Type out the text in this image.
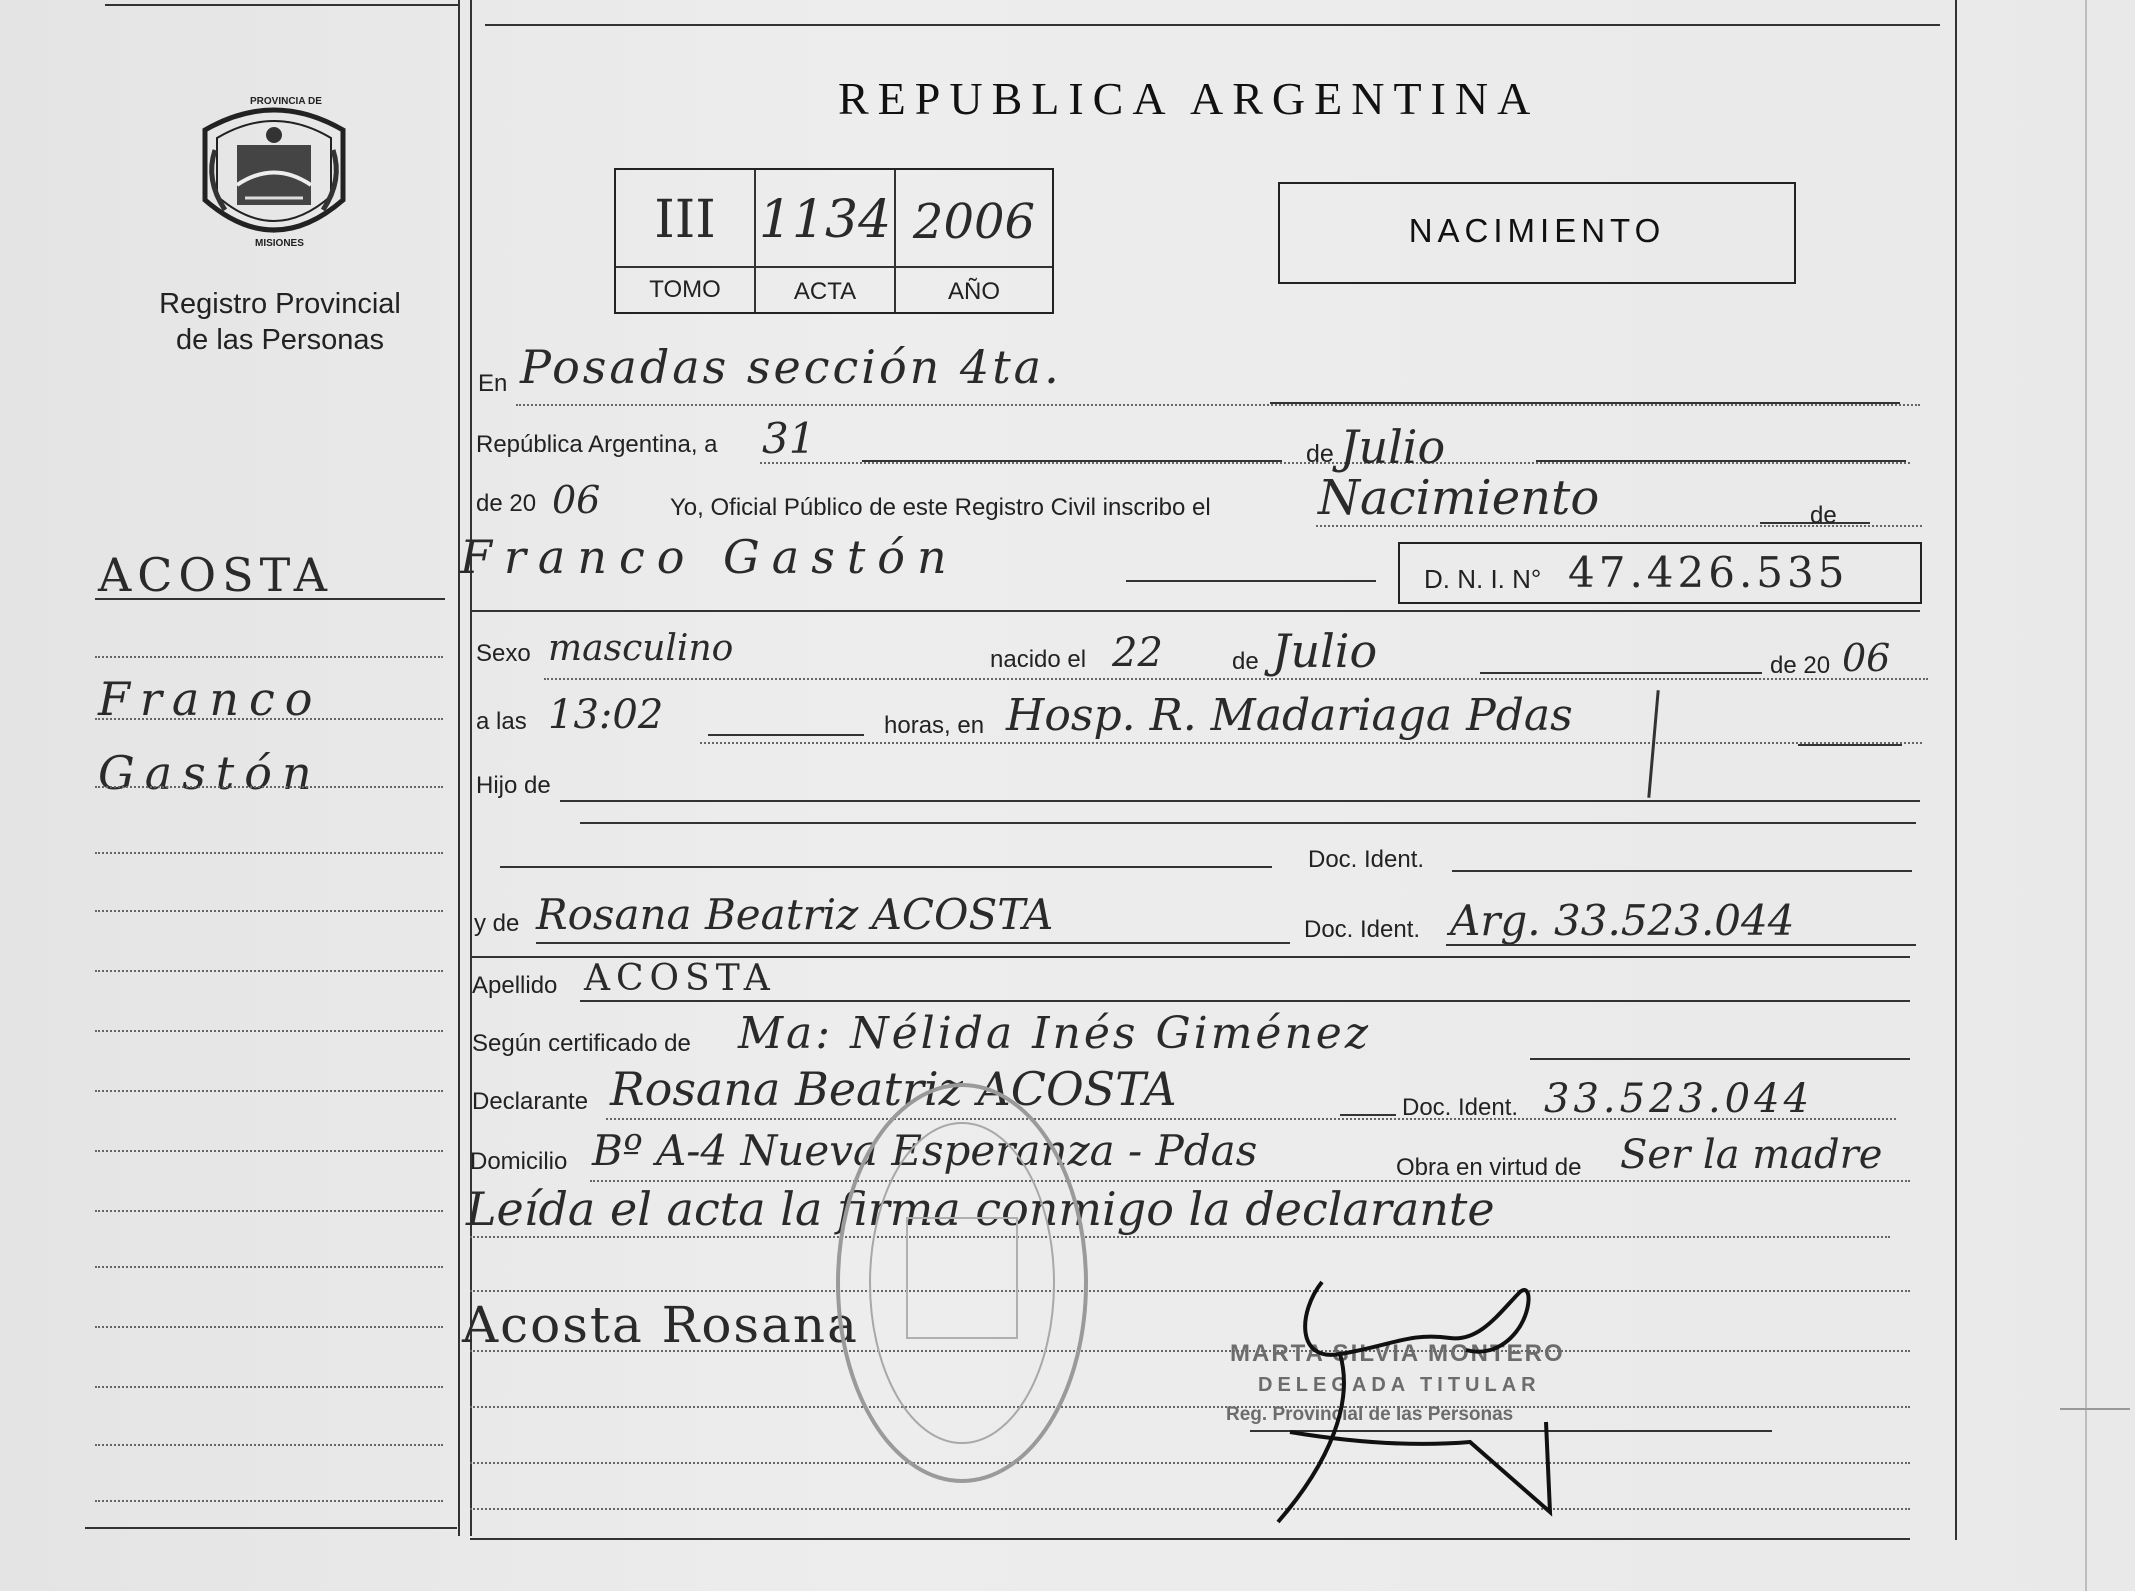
PROVINCIA DE
MISIONES
Registro Provincial
de las Personas
ACOSTA
Franco
Gastón
REPUBLICA ARGENTINA
NACIMIENTO
III 1134 2006
TOMO	ACTA	AÑO
En Posadas sección 4ta.
República Argentina, a 31	de Julio
de 20 06	Yo, Oficial Público de este Registro Civil inscribo el Nacimiento	de
Franco Gastón	D. N. I. N° 47.426.535
Sexo masculino	nacido el 22	de Julio	de 20 06
a las 13:02	horas, en Hosp. R. Madariaga Pdas
Hijo de
Doc. Ident.
y de Rosana Beatriz ACOSTA	Doc. Ident. Arg. 33.523.044
Apellido ACOSTA
Según certificado de Ma: Nélida Inés Giménez
Declarante Rosana Beatriz ACOSTA	Doc. Ident. 33.523.044
Domicilio Bº A-4 Nueva Esperanza - Pdas	Obra en virtud de Ser la madre
Leída el acta la firma conmigo la declarante
Acosta Rosana	MARTA SILVIA MONTERO
DELEGADA TITULAR
Reg. Provincial de las Personas
